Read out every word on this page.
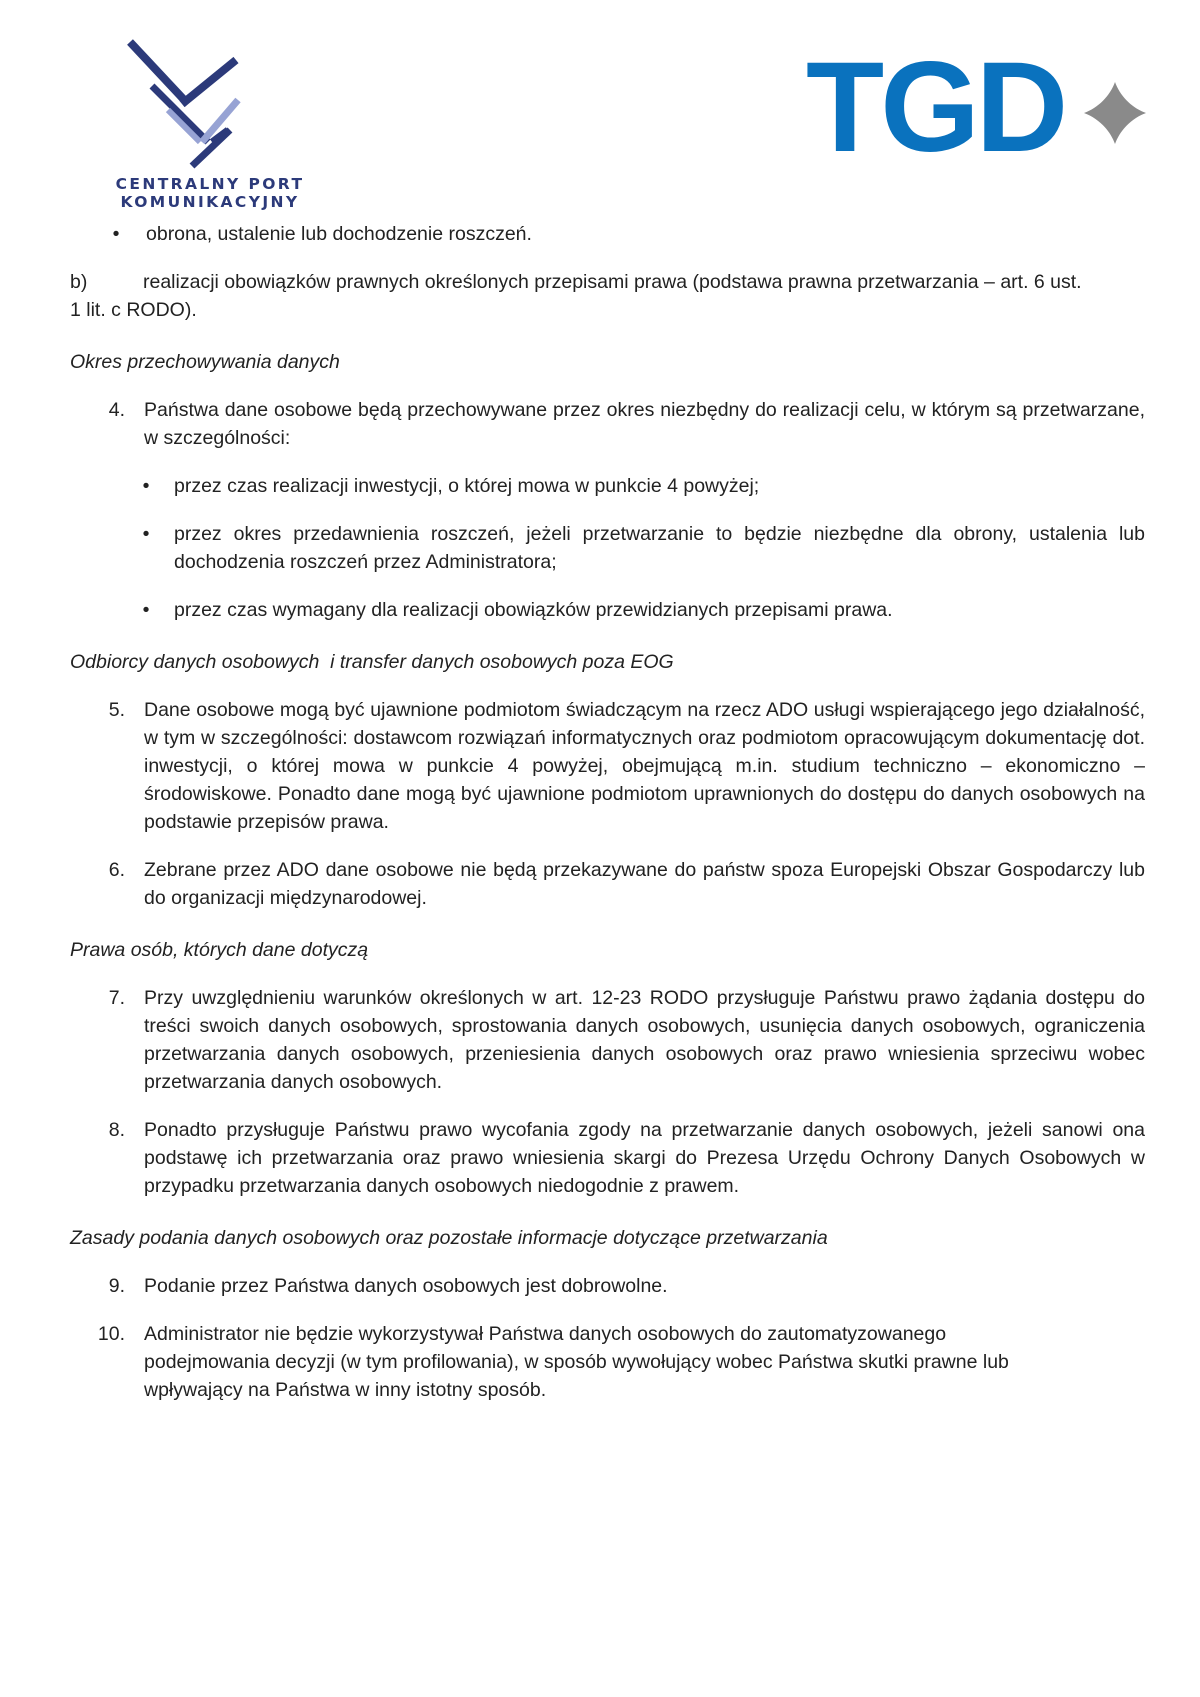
CENTRALNY PORT
KOMUNIKACYJNY
TGD

•	obrona, ustalenie lub dochodzenie roszczeń.

b)	realizacji obowiązków prawnych określonych przepisami prawa (podstawa prawna przetwarzania – art. 6 ust.
1 lit. c RODO).

Okres przechowywania danych

4. Państwa dane osobowe będą przechowywane przez okres niezbędny do realizacji celu, w którym są przetwarzane, w szczególności:

•	przez czas realizacji inwestycji, o której mowa w punkcie 4 powyżej;

•	przez okres przedawnienia roszczeń, jeżeli przetwarzanie to będzie niezbędne dla obrony, ustalenia lub dochodzenia roszczeń przez Administratora;

•	przez czas wymagany dla realizacji obowiązków przewidzianych przepisami prawa.

Odbiorcy danych osobowych  i transfer danych osobowych poza EOG

5. Dane osobowe mogą być ujawnione podmiotom świadczącym na rzecz ADO usługi wspierającego jego działalność, w tym w szczególności: dostawcom rozwiązań informatycznych oraz podmiotom opracowującym dokumentację dot. inwestycji, o której mowa w punkcie 4 powyżej, obejmującą m.in. studium techniczno – ekonomiczno – środowiskowe. Ponadto dane mogą być ujawnione podmiotom uprawnionych do dostępu do danych osobowych na podstawie przepisów prawa.

6. Zebrane przez ADO dane osobowe nie będą przekazywane do państw spoza Europejski Obszar Gospodarczy lub do organizacji międzynarodowej.

Prawa osób, których dane dotyczą

7. Przy uwzględnieniu warunków określonych w art. 12-23 RODO przysługuje Państwu prawo żądania dostępu do treści swoich danych osobowych, sprostowania danych osobowych, usunięcia danych osobowych, ograniczenia przetwarzania danych osobowych, przeniesienia danych osobowych oraz prawo wniesienia sprzeciwu wobec przetwarzania danych osobowych.

8. Ponadto przysługuje Państwu prawo wycofania zgody na przetwarzanie danych osobowych, jeżeli sanowi ona podstawę ich przetwarzania oraz prawo wniesienia skargi do Prezesa Urzędu Ochrony Danych Osobowych w przypadku przetwarzania danych osobowych niedogodnie z prawem.

Zasady podania danych osobowych oraz pozostałe informacje dotyczące przetwarzania

9. Podanie przez Państwa danych osobowych jest dobrowolne.

10. Administrator nie będzie wykorzystywał Państwa danych osobowych do zautomatyzowanego
podejmowania decyzji (w tym profilowania), w sposób wywołujący wobec Państwa skutki prawne lub
wpływający na Państwa w inny istotny sposób.
